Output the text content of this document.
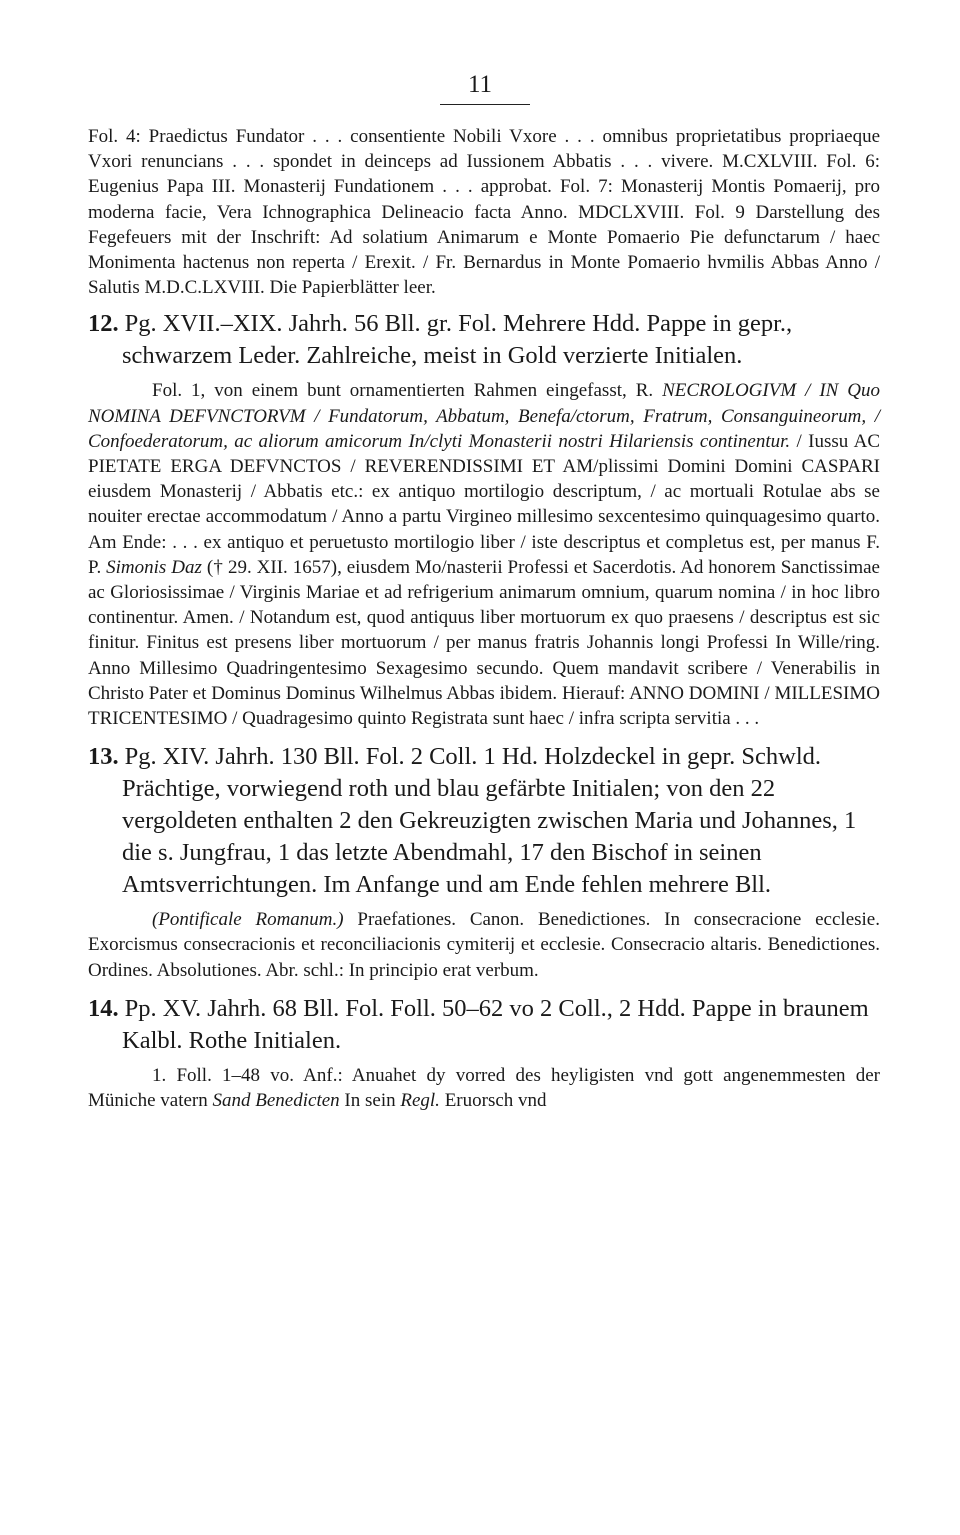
11

Fol. 4: Praedictus Fundator . . . consentiente Nobili Vxore . . . omnibus proprietatibus propriaeque Vxori renuncians . . . spondet in deinceps ad Iussionem Abbatis . . . vivere. M.CXLVIII. Fol. 6: Eugenius Papa III. Monasterij Fundationem . . . approbat. Fol. 7: Monasterij Montis Pomaerij, pro moderna facie, Vera Ichnographica Delineacio facta Anno. MDCLXVIII. Fol. 9 Darstellung des Fegefeuers mit der Inschrift: Ad solatium Animarum e Monte Pomaerio Pie defunctarum / haec Monimenta hactenus non reperta / Erexit. / Fr. Bernardus in Monte Pomaerio hvmilis Abbas Anno / Salutis M.D.C.LXVIII. Die Papierblätter leer.

12. Pg. XVII.–XIX. Jahrh. 56 Bll. gr. Fol. Mehrere Hdd. Pappe in gepr., schwarzem Leder. Zahlreiche, meist in Gold verzierte Initialen.

Fol. 1, von einem bunt ornamentierten Rahmen eingefasst, R. NECROLOGIVM / IN Quo NOMINA DEFVNCTORVM / Fundatorum, Abbatum, Benefa/ctorum, Fratrum, Consanguineorum, / Confoederatorum, ac aliorum amicorum In/clyti Monasterii nostri Hilariensis continentur. / Iussu AC PIETATE ERGA DEFVNCTOS / REVERENDISSIMI ET AM/plissimi Domini Domini CASPARI eiusdem Monasterij / Abbatis etc.: ex antiquo mortilogio descriptum, / ac mortuali Rotulae abs se nouiter erectae accommodatum / Anno a partu Virgineo millesimo sexcentesimo quinquagesimo quarto. Am Ende: . . . ex antiquo et peruetusto mortilogio liber / iste descriptus et completus est, per manus F. P. Simonis Daz († 29. XII. 1657), eiusdem Mo/nasterii Professi et Sacerdotis. Ad honorem Sanctissimae ac Gloriosissimae / Virginis Mariae et ad refrigerium animarum omnium, quarum nomina / in hoc libro continentur. Amen. / Notandum est, quod antiquus liber mortuorum ex quo praesens / descriptus est sic finitur. Finitus est presens liber mortuorum / per manus fratris Johannis longi Professi In Wille/ring. Anno Millesimo Quadringentesimo Sexagesimo secundo. Quem mandavit scribere / Venerabilis in Christo Pater et Dominus Dominus Wilhelmus Abbas ibidem. Hierauf: ANNO DOMINI / MILLESIMO TRICENTESIMO / Quadragesimo quinto Registrata sunt haec / infra scripta servitia . . .

13. Pg. XIV. Jahrh. 130 Bll. Fol. 2 Coll. 1 Hd. Holzdeckel in gepr. Schwld. Prächtige, vorwiegend roth und blau gefärbte Initialen; von den 22 vergoldeten enthalten 2 den Gekreuzigten zwischen Maria und Johannes, 1 die s. Jungfrau, 1 das letzte Abendmahl, 17 den Bischof in seinen Amtsverrichtungen. Im Anfange und am Ende fehlen mehrere Bll.

(Pontificale Romanum.) Praefationes. Canon. Benedictiones. In consecracione ecclesie. Exorcismus consecracionis et reconciliacionis cymiterij et ecclesie. Consecracio altaris. Benedictiones. Ordines. Absolutiones. Abr. schl.: In principio erat verbum.

14. Pp. XV. Jahrh. 68 Bll. Fol. Foll. 50–62 vo 2 Coll., 2 Hdd. Pappe in braunem Kalbl. Rothe Initialen.

1. Foll. 1–48 vo. Anf.: Anuahet dy vorred des heyligisten vnd gott angenemmesten der Müniche vatern Sand Benedicten In sein Regl. Eruorsch vnd
